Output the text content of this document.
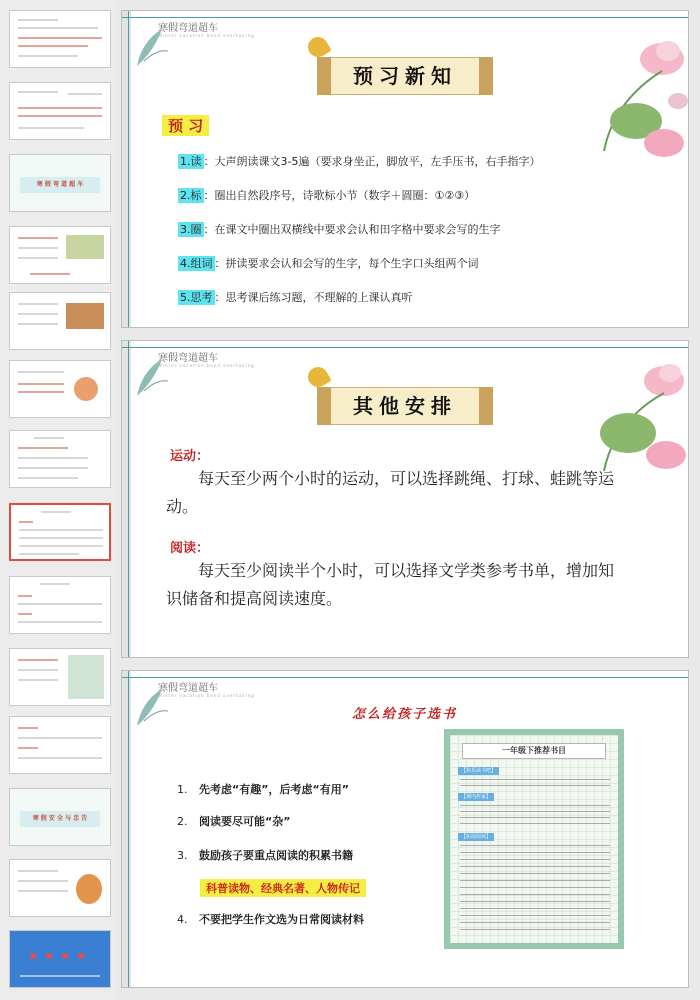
寒 假 弯 道 超 车
寒 假 安 全 与 忠 告
寒假弯道超车
Winter vacation bend overtaking
预习新知
预 习
1.读 ：大声朗读课文3-5遍（要求身坐正，脚放平，左手压书，右手指字）
2.标 ：圈出自然段序号，诗歌标小节（数字＋圆圈：①②③）
3.圈 ：在课文中圈出双横线中要求会认和田字格中要求会写的生字
4.组词 ：拼读要求会认和会写的生字，每个生字口头组两个词
5.思考 ：思考课后练习题，不理解的上课认真听
寒假弯道超车
Winter vacation bend overtaking
其他安排
运动：
每天至少两个小时的运动，可以选择跳绳、打球、蛙跳等运动。
阅读：
每天至少阅读半个小时，可以选择文学类参考书单，增加知识储备和提高阅读速度。
寒假弯道超车
Winter vacation bend overtaking
怎么给孩子选书
1. 先考虑“有趣”，后考虑“有用”
2. 阅读要尽可能“杂”
3. 鼓励孩子要重点阅读的积累书籍
科普读物、经典名著、人物传记
4. 不要把学生作文选为日常阅读材料
一年级下推荐书目
【快乐读书吧】
【课内作家】
【拓展阅读】
